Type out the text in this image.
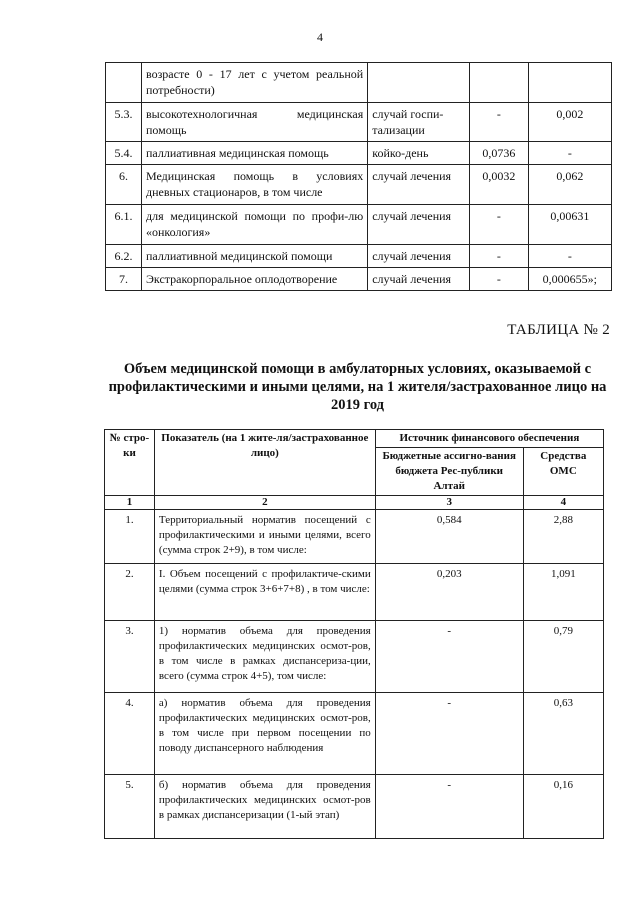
4
	возрасте 0 - 17 лет с учетом реальной потребности)			
5.3.	высокотехнологичная медицинская помощь	случай госпи-тализации	-	0,002
5.4.	паллиативная медицинская помощь	койко-день	0,0736	-
6.	Медицинская помощь в условиях дневных стационаров, в том числе	случай лечения	0,0032	0,062
6.1.	для медицинской помощи по профи-лю «онкология»	случай лечения	-	0,00631
6.2.	паллиативной медицинской помощи	случай лечения	-	-
7.	Экстракорпоральное оплодотворение	случай лечения	-	0,000655»;
ТАБЛИЦА № 2
Объем медицинской помощи в амбулаторных условиях, оказываемой с профилактическими и иными целями, на 1 жителя/застрахованное лицо на 2019 год
№ стро-ки	Показатель (на 1 жите-ля/застрахованное лицо)	Источник финансового обеспечения	
		Бюджетные ассигно-вания бюджета Рес-публики Алтай	Средства ОМС
1	2	3	4
1.	Территориальный норматив посещений с профилактическими и иными целями, всего (сумма строк 2+9), в том числе:	0,584	2,88
2.	I. Объем посещений с профилактиче-скими целями (сумма строк 3+6+7+8) , в том числе:	0,203	1,091
3.	1) норматив объема для проведения профилактических медицинских осмот-ров, в том числе в рамках диспансериза-ции, всего (сумма строк 4+5), том числе:	-	0,79
4.	а) норматив объема для проведения профилактических медицинских осмот-ров, в том числе при первом посещении по поводу диспансерного наблюдения	-	0,63
5.	б) норматив объема для проведения профилактических медицинских осмот-ров в рамках диспансеризации (1-ый этап)	-	0,16
